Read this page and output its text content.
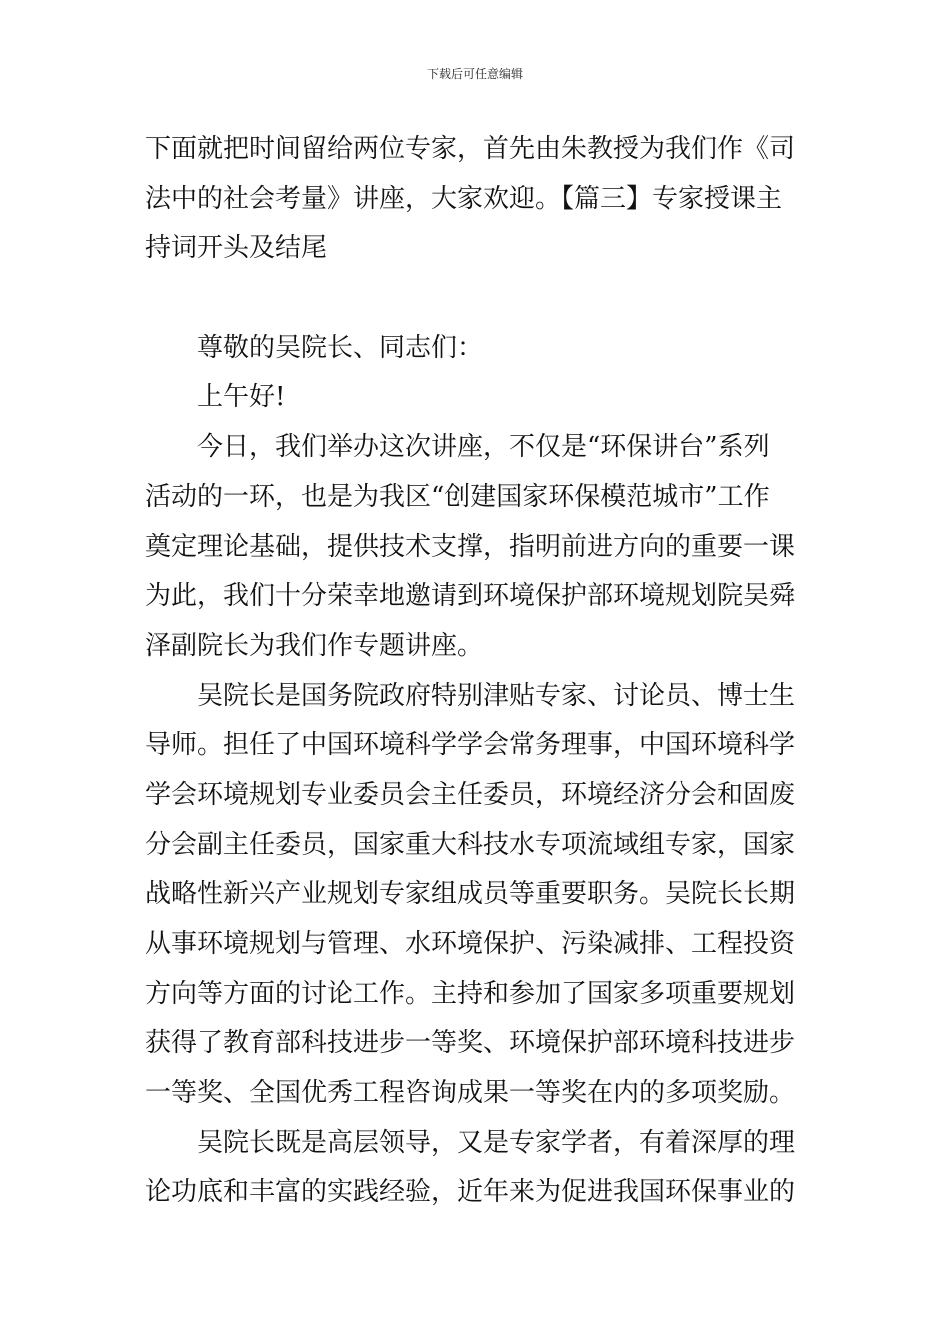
下载后可任意编辑
下面就把时间留给两位专家，首先由朱教授为我们作《司
法中的社会考量》讲座，大家欢迎。【篇三】专家授课主
持词开头及结尾
尊敬的吴院长、同志们：
上午好!
今日，我们举办这次讲座，不仅是“环保讲台”系列
活动的一环，也是为我区“创建国家环保模范城市”工作
奠定理论基础，提供技术支撑，指明前进方向的重要一课
为此，我们十分荣幸地邀请到环境保护部环境规划院吴舜
泽副院长为我们作专题讲座。
吴院长是国务院政府特别津贴专家、讨论员、博士生
导师。担任了中国环境科学学会常务理事，中国环境科学
学会环境规划专业委员会主任委员，环境经济分会和固废
分会副主任委员，国家重大科技水专项流域组专家，国家
战略性新兴产业规划专家组成员等重要职务。吴院长长期
从事环境规划与管理、水环境保护、污染减排、工程投资
方向等方面的讨论工作。主持和参加了国家多项重要规划
获得了教育部科技进步一等奖、环境保护部环境科技进步
一等奖、全国优秀工程咨询成果一等奖在内的多项奖励。
吴院长既是高层领导，又是专家学者，有着深厚的理
论功底和丰富的实践经验，近年来为促进我国环保事业的
